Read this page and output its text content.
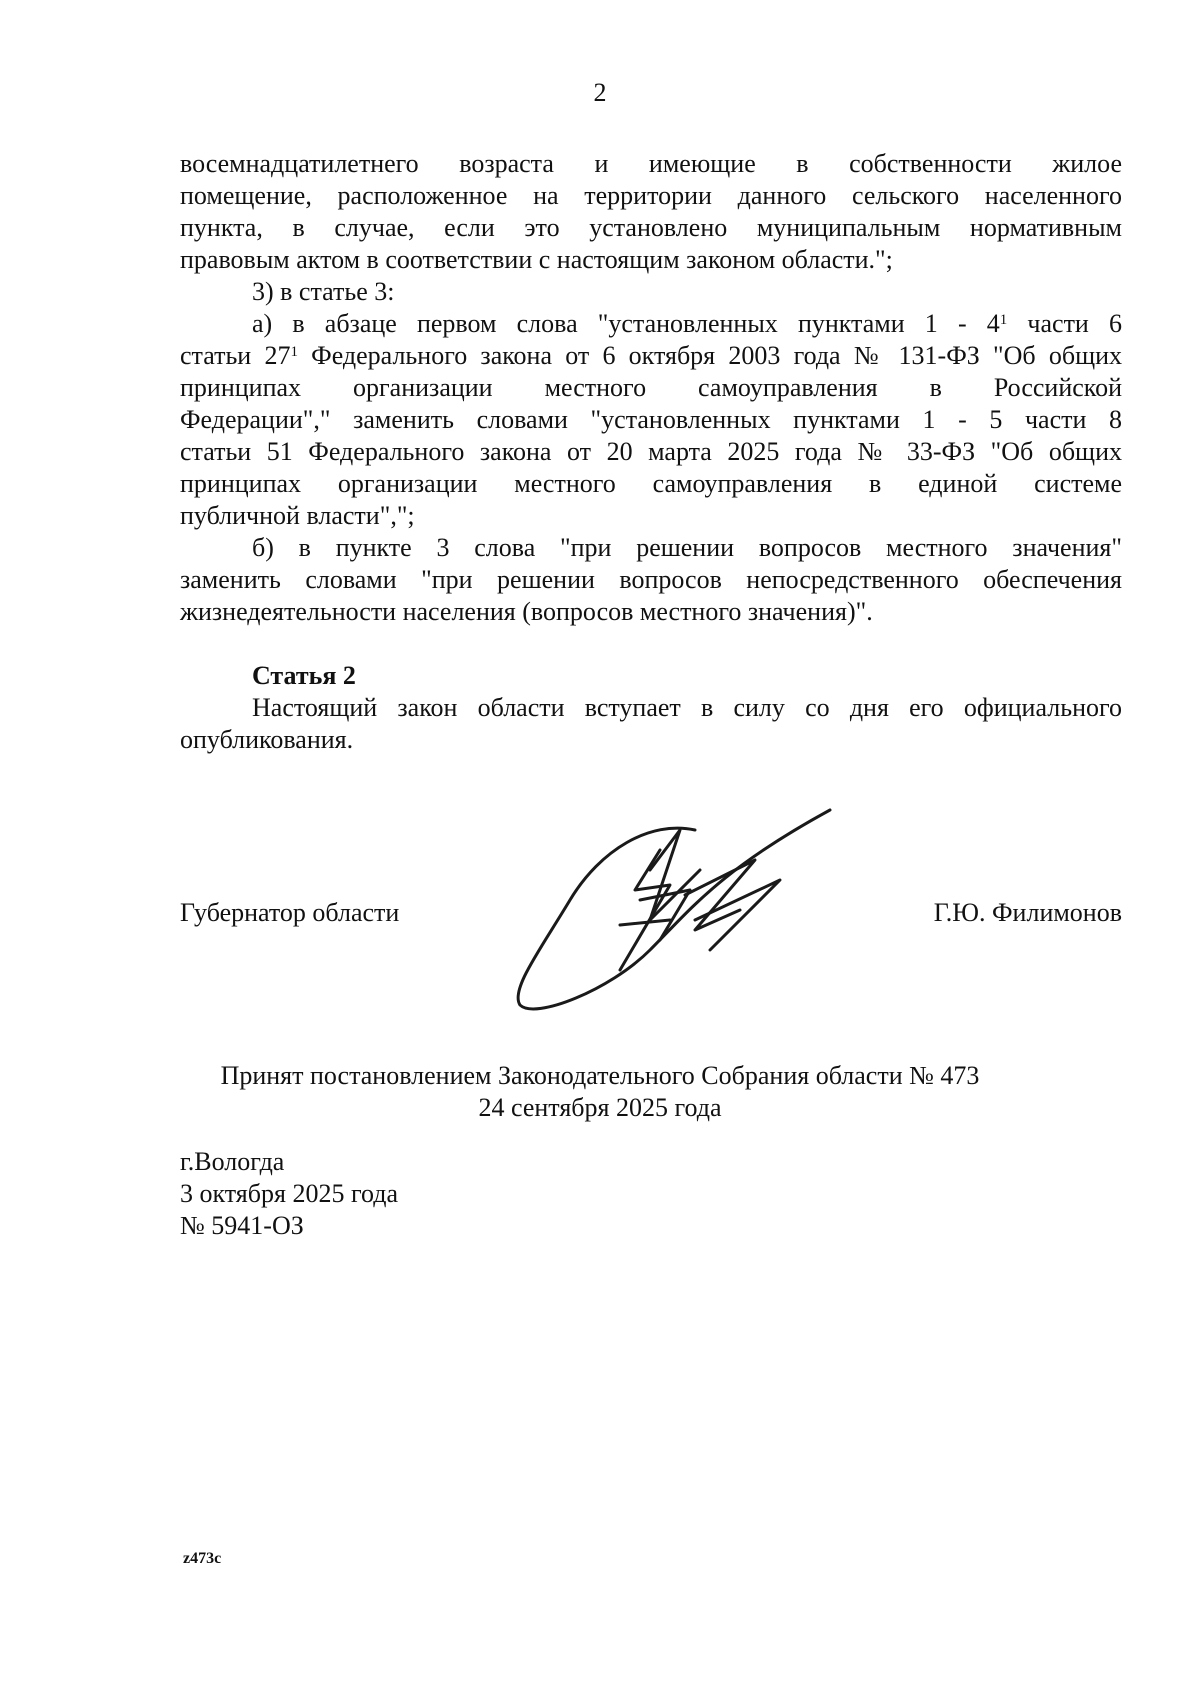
2
восемнадцатилетнего возраста и имеющие в собственности жилое
помещение, расположенное на территории данного сельского населенного
пункта, в случае, если это установлено муниципальным нормативным
правовым актом в соответствии с настоящим законом области.";
3) в статье 3:
а) в абзаце первом слова "установленных пунктами $1 - 4^1$ части 6
статьи $27^1$ Федерального закона от 6 октября 2003 года № 131-ФЗ "Об общих
принципах организации местного самоуправления в Российской
Федерации"," заменить словами "установленных пунктами 1 - 5 части 8
статьи 51 Федерального закона от 20 марта 2025 года № 33-ФЗ "Об общих
принципах организации местного самоуправления в единой системе
публичной власти",";
б) в пункте 3 слова "при решении вопросов местного значения"
заменить словами "при решении вопросов непосредственного обеспечения
жизнедеятельности населения (вопросов местного значения)".
Статья 2
Настоящий закон области вступает в силу со дня его официального
опубликования.
Губернатор области	Г.Ю. Филимонов
Принят постановлением Законодательного Собрания области № 473
24 сентября 2025 года
г.Вологда
3 октября 2025 года
№ 5941-ОЗ
z473c
